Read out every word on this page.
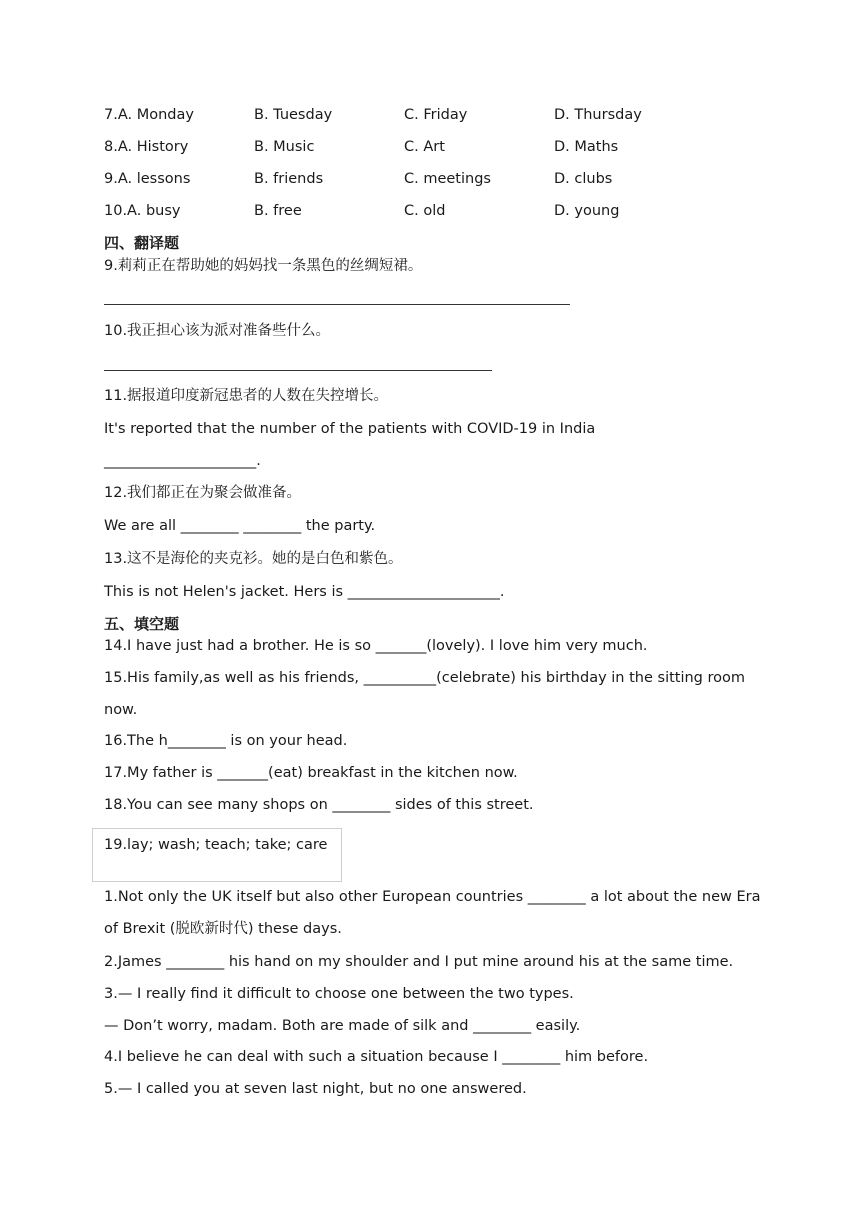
7.A. Monday	B. Tuesday	C. Friday	D. Thursday
8.A. History	B. Music	C. Art	D. Maths
9.A. lessons	B. friends	C. meetings	D. clubs
10.A. busy	B. free	C. old	D. young
四、翻译题
9.莉莉正在帮助她的妈妈找一条黑色的丝绸短裙。
10.我正担心该为派对准备些什么。
11.据报道印度新冠患者的人数在失控增长。
It's reported that the number of the patients with COVID-19 in India
_____________________.
12.我们都正在为聚会做准备。
We are all ________ ________ the party.
13.这不是海伦的夹克衫。她的是白色和紫色。
This is not Helen's jacket. Hers is _____________________.
五、填空题
14.I have just had a brother. He is so _______(lovely). I love him very much.
15.His family,as well as his friends, __________(celebrate) his birthday in the sitting room
now.
16.The h________ is on your head.
17.My father is _______(eat) breakfast in the kitchen now.
18.You can see many shops on ________ sides of this street.
19.lay; wash; teach; take; care
1.Not only the UK itself but also other European countries ________ a lot about the new Era
of Brexit (脱欧新时代) these days.
2.James ________ his hand on my shoulder and I put mine around his at the same time.
3.— I really find it difficult to choose one between the two types.
— Don’t worry, madam. Both are made of silk and ________ easily.
4.I believe he can deal with such a situation because I ________ him before.
5.— I called you at seven last night, but no one answered.
